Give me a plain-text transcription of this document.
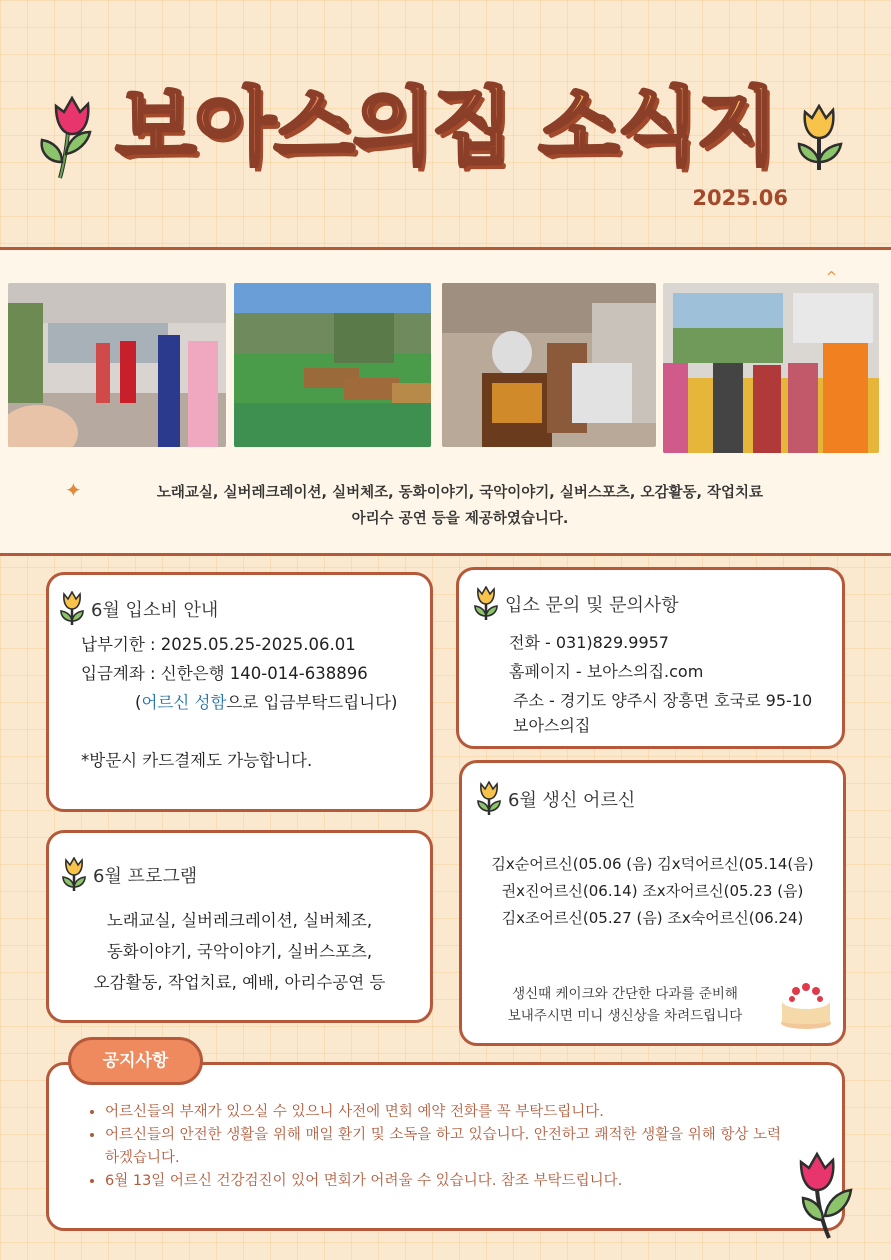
보아스의집 소식지
2025.06
✦
^
노래교실, 실버레크레이션, 실버체조, 동화이야기, 국악이야기, 실버스포츠, 오감활동, 작업치료
아리수 공연 등을 제공하였습니다.
6월 입소비 안내
납부기한 : 2025.05.25-2025.06.01
입금계좌 : 신한은행 140-014-638896
(어르신 성함으로 입금부탁드립니다)
*방문시 카드결제도 가능합니다.
입소 문의 및 문의사항
전화 - 031)829.9957
홈페이지 - 보아스의집.com
주소 - 경기도 양주시 장흥면 호국로 95-10
보아스의집
6월 생신 어르신
김x순어르신(05.06 (음) 김x덕어르신(05.14(음)
권x진어르신(06.14) 조x자어르신(05.23 (음)
김x조어르신(05.27 (음) 조x숙어르신(06.24)
생신때 케이크와 간단한 다과를 준비해
보내주시면 미니 생신상을 차려드립니다
6월 프로그램
노래교실, 실버레크레이션, 실버체조,
동화이야기, 국악이야기, 실버스포츠,
오감활동, 작업치료, 예배, 아리수공연 등
• 어르신들의 부재가 있으실 수 있으니 사전에 면회 예약 전화를 꼭 부탁드립니다.
• 어르신들의 안전한 생활을 위해 매일 환기 및 소독을 하고 있습니다. 안전하고 쾌적한 생활을 위해 항상 노력하겠습니다.
• 6월 13일 어르신 건강검진이 있어 면회가 어려울 수 있습니다. 참조 부탁드립니다.
공지사항
